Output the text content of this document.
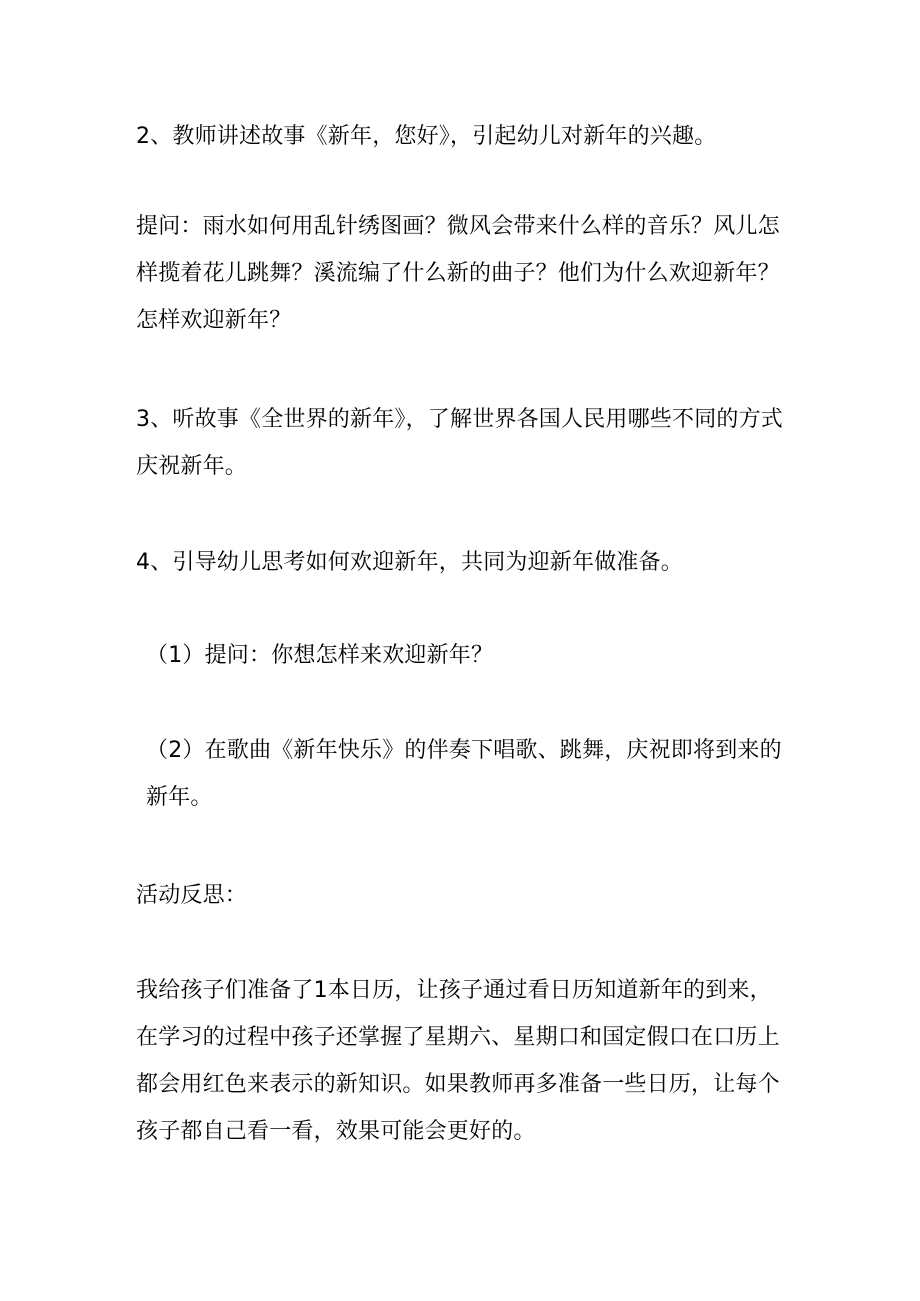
2、教师讲述故事《新年，您好》，引起幼儿对新年的兴趣。

提问：雨水如何用乱针绣图画？微风会带来什么样的音乐？风儿怎样揽着花儿跳舞？溪流编了什么新的曲子？他们为什么欢迎新年？怎样欢迎新年？

3、听故事《全世界的新年》，了解世界各国人民用哪些不同的方式庆祝新年。

4、引导幼儿思考如何欢迎新年，共同为迎新年做准备。

（1）提问：你想怎样来欢迎新年？

（2）在歌曲《新年快乐》的伴奏下唱歌、跳舞，庆祝即将到来的新年。

活动反思：

我给孩子们准备了1本日历，让孩子通过看日历知道新年的到来，在学习的过程中孩子还掌握了星期六、星期口和国定假口在口历上都会用红色来表示的新知识。如果教师再多准备一些日历，让每个孩子都自己看一看，效果可能会更好的。
